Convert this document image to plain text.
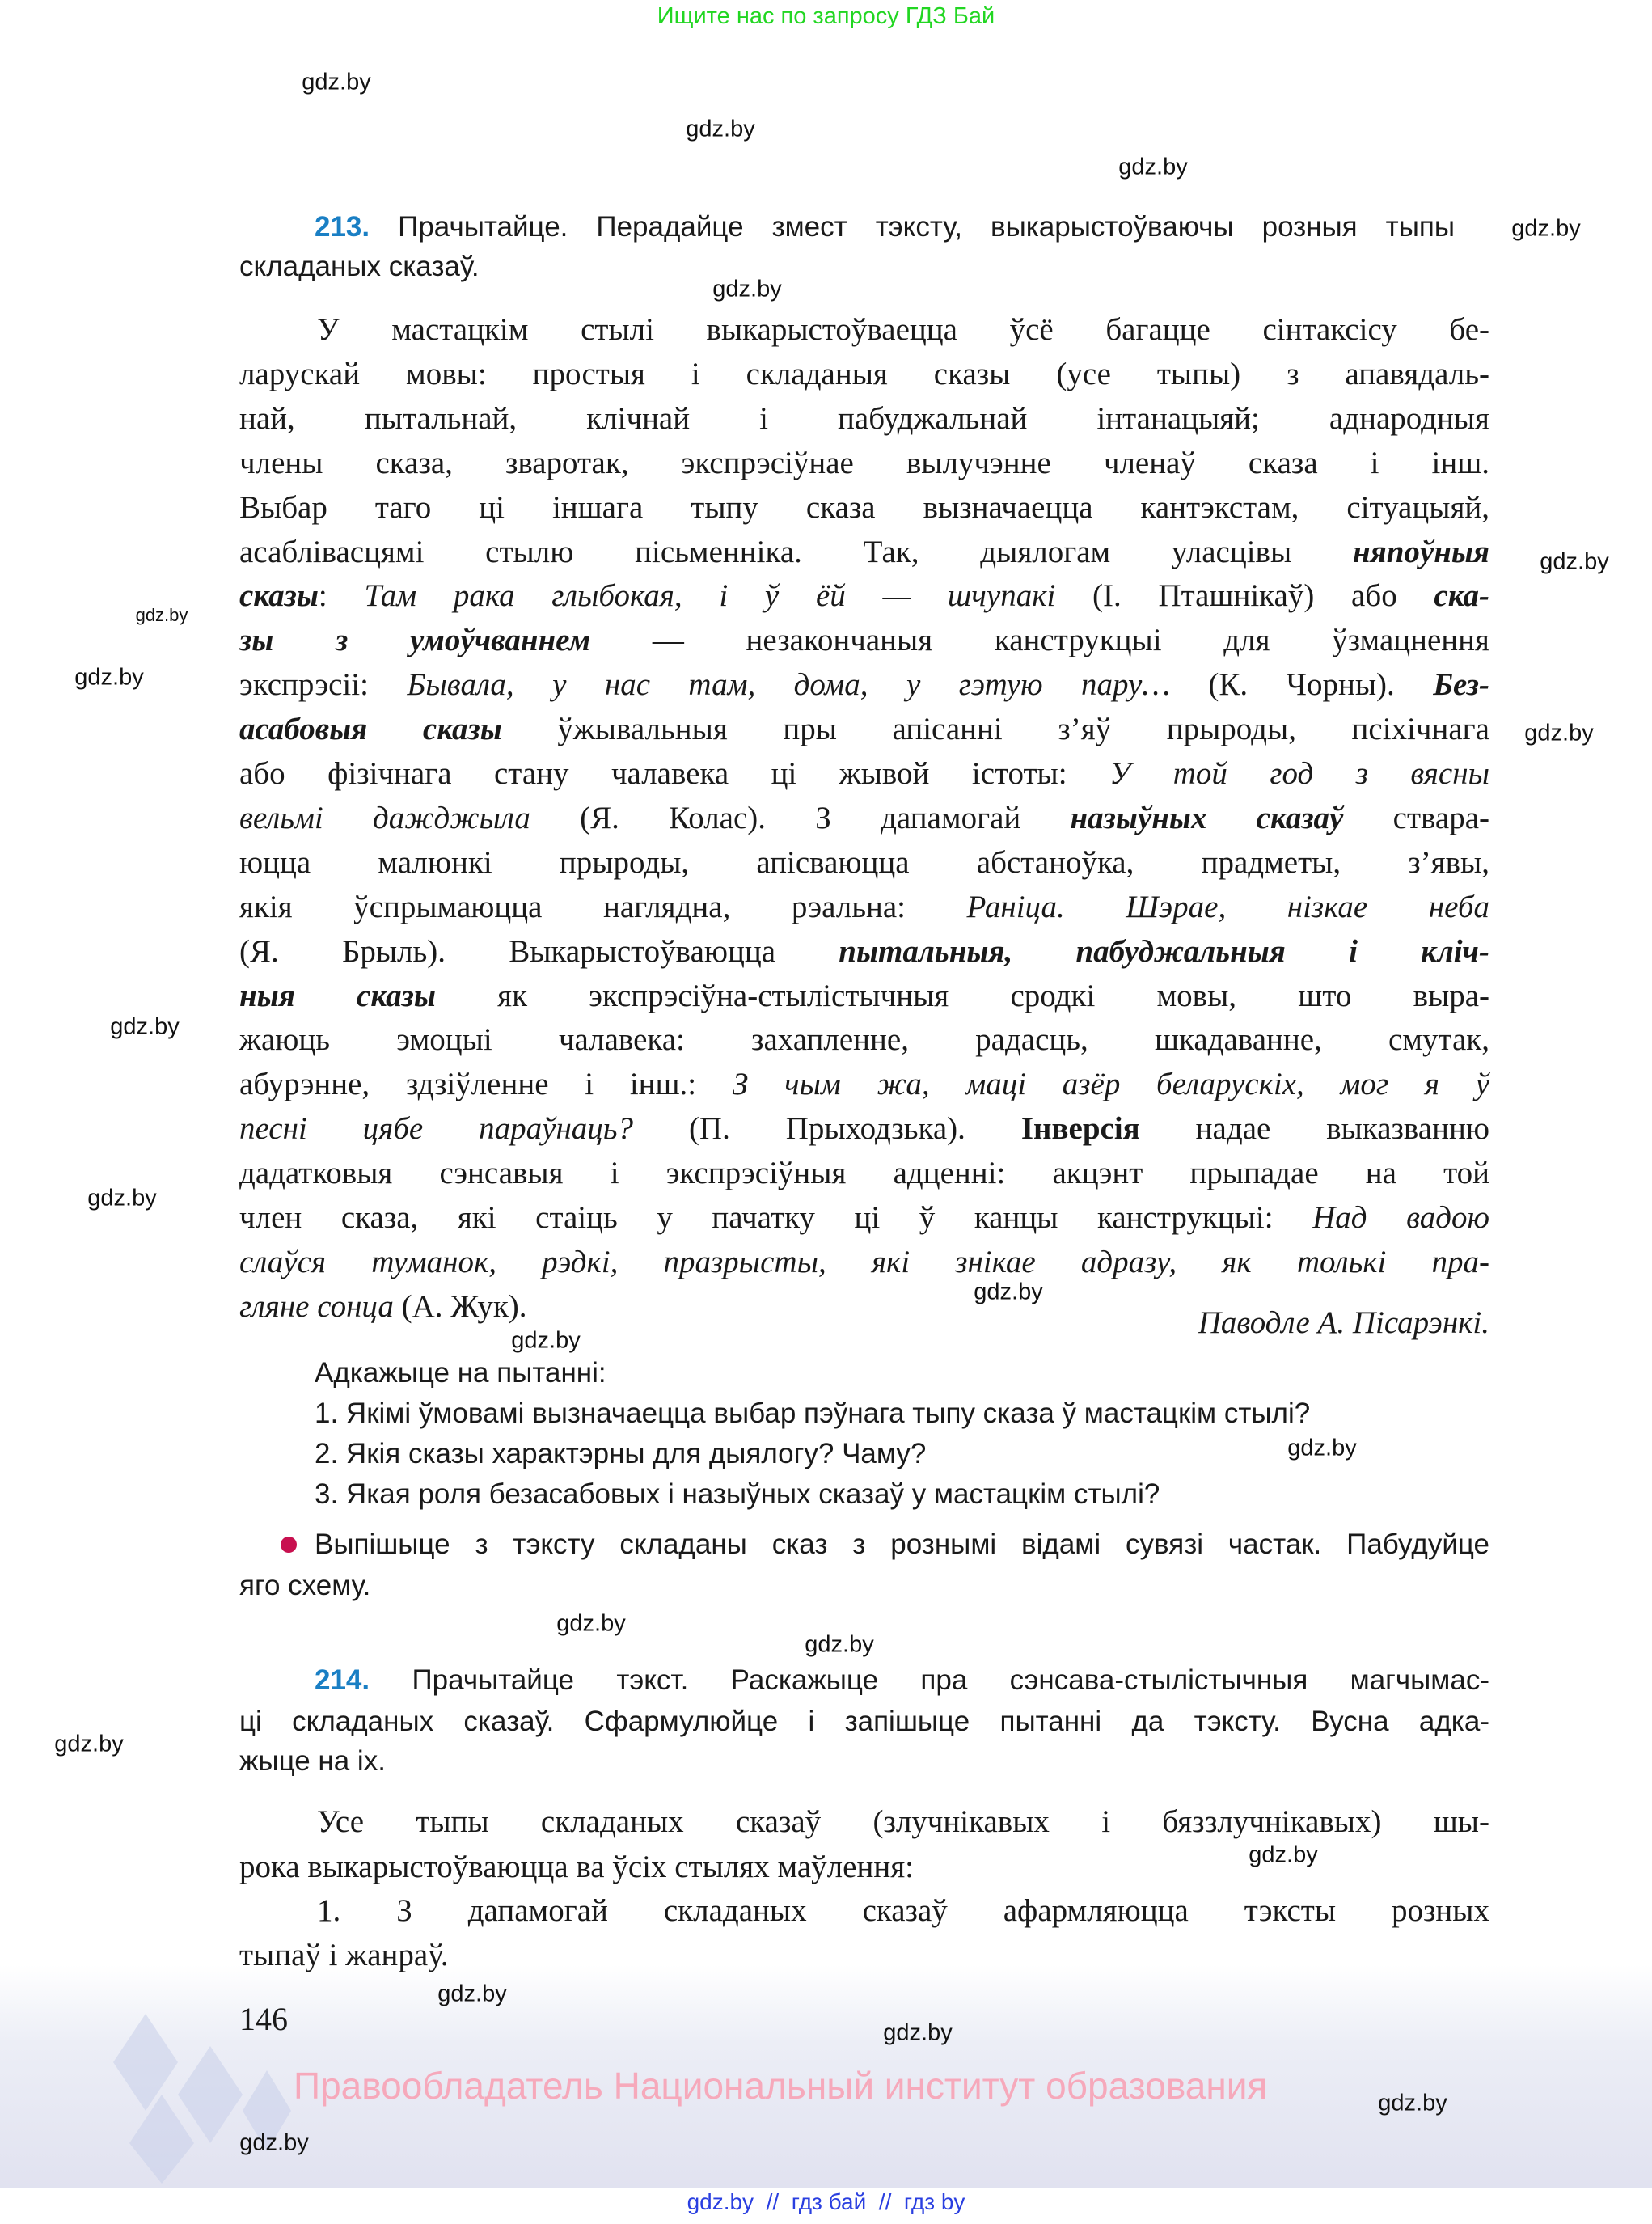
Ищите нас по запросу ГДЗ Бай
gdz.by
gdz.by
gdz.by
gdz.by
gdz.by
gdz.by
gdz.by
gdz.by
gdz.by
gdz.by
gdz.by
gdz.by
gdz.by
gdz.by
gdz.by
gdz.by
gdz.by
gdz.by
gdz.by
gdz.by
gdz.by
gdz.by
213. Прачытайце. Перадайце змест тэксту, выкарыстоўваючы розныя тыпы
складаных сказаў.
У мастацкім стылі выкарыстоўваецца ўсё багацце сінтаксісу бе-
ларускай мовы: простыя і складаныя сказы (усе тыпы) з апавядаль-
най, пытальнай, клічнай і пабуджальнай інтанацыяй; аднародныя
члены сказа, зваротак, экспрэсіўнае вылучэнне членаў сказа і інш.
Выбар таго ці іншага тыпу сказа вызначаецца кантэкстам, сітуацыяй,
асаблівасцямі стылю пісьменніка. Так, дыялогам уласцівы няпоўныя
сказы: Там рака глыбокая, і ў ёй — шчупакі (І. Пташнікаў) або ска-
зы з умоўчваннем — незакончаныя канструкцыі для ўзмацнення
экспрэсіі: Бывала, у нас там, дома, у гэтую пару… (К. Чорны). Без-
асабовыя сказы ўжывальныя пры апісанні з’яў прыроды, псіхічнага
або фізічнага стану чалавека ці жывой істоты: У той год з вясны
вельмі дажджыла (Я. Колас). З дапамогай назыўных сказаў ствара-
юцца малюнкі прыроды, апісваюцца абстаноўка, прадметы, з’явы,
якія ўспрымаюцца наглядна, рэальна: Раніца. Шэрае, нізкае неба
(Я. Брыль). Выкарыстоўваюцца пытальныя, пабуджальныя і кліч-
ныя сказы як экспрэсіўна-стылістычныя сродкі мовы, што выра-
жаюць эмоцыі чалавека: захапленне, радасць, шкадаванне, смутак,
абурэнне, здзіўленне і інш.: З чым жа, маці азёр беларускіх, мог я ў
песні цябе параўнаць? (П. Прыходзька). Інверсія надае выказванню
дадатковыя сэнсавыя і экспрэсіўныя адценні: акцэнт прыпадае на той
член сказа, які стаіць у пачатку ці ў канцы канструкцыі: Над вадою
слаўся туманок, рэдкі, празрысты, які знікае адразу, як толькі пра-
гляне сонца (А. Жук).	Паводле А. Пісарэнкі.
Адкажыце на пытанні:
1. Якімі ўмовамі вызначаецца выбар пэўнага тыпу сказа ў мастацкім стылі?
2. Якія сказы характэрны для дыялогу? Чаму?
3. Якая роля безасабовых і назыўных сказаў у мастацкім стылі?
Выпішыце з тэксту складаны сказ з рознымі відамі сувязі частак. Пабудуйце
яго схему.
214. Прачытайце тэкст. Раскажыце пра сэнсава-стылістычныя магчымас-
ці складаных сказаў. Сфармулюйце і запішыце пытанні да тэксту. Вусна адка-
жыце на іх.
Усе тыпы складаных сказаў (злучнікавых і бяззлучнікавых) шы-
рока выкарыстоўваюцца ва ўсіх стылях маўлення:
1. З дапамогай складаных сказаў афармляюцца тэксты розных
тыпаў і жанраў.
146
Правообладатель Национальный институт образования
gdz.by  //  гдз бай  //  гдз by
